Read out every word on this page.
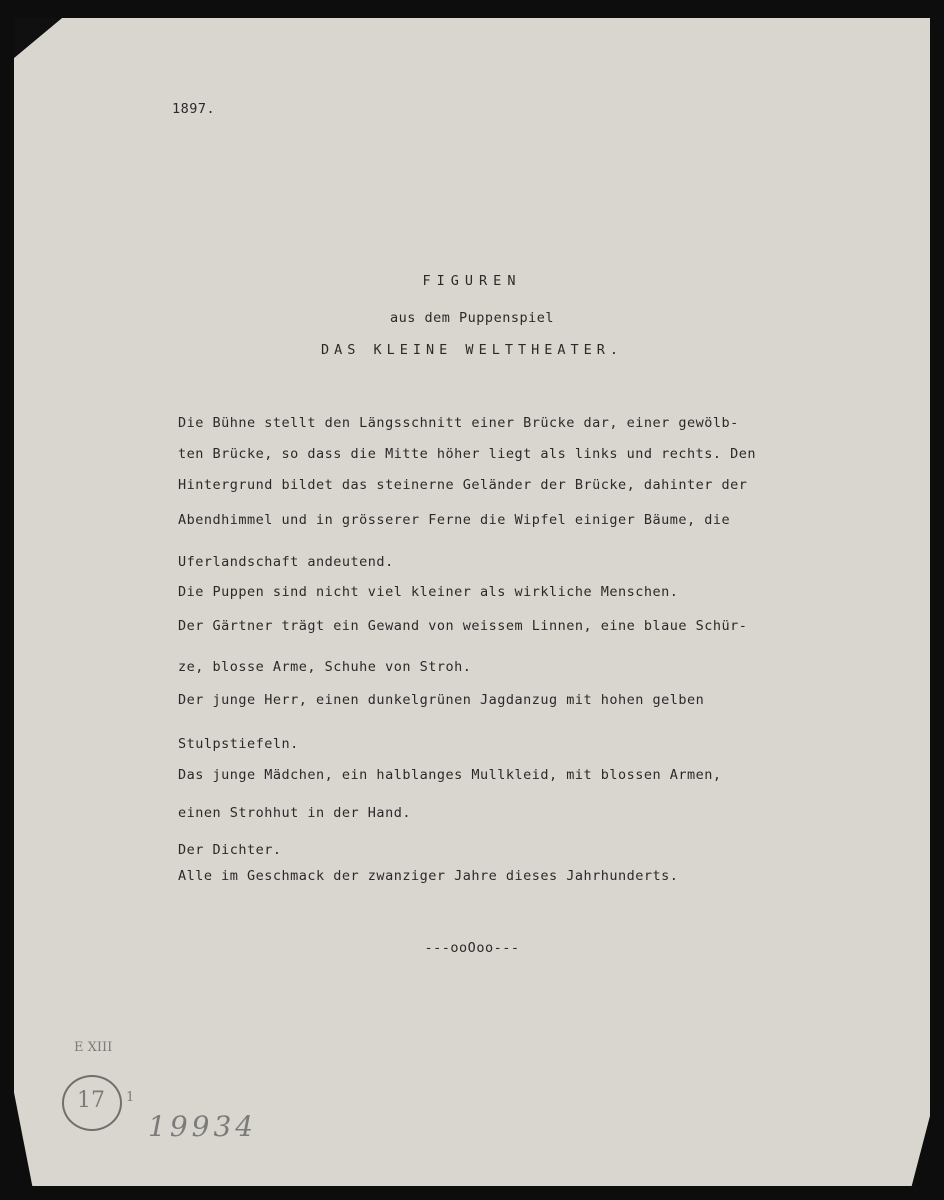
1897.
FIGUREN
aus dem Puppenspiel
DAS KLEINE WELTTHEATER.
Die Bühne stellt den Längsschnitt einer Brücke dar, einer gewölb-
ten Brücke, so dass die Mitte höher liegt als links und rechts. Den
Hintergrund bildet das steinerne Geländer der Brücke, dahinter der
Abendhimmel und in grösserer Ferne die Wipfel einiger Bäume, die
Uferlandschaft andeutend.
Die Puppen sind nicht viel kleiner als wirkliche Menschen.
Der Gärtner trägt ein Gewand von weissem Linnen, eine blaue Schür-
ze, blosse Arme, Schuhe von Stroh.
Der junge Herr, einen dunkelgrünen Jagdanzug mit hohen gelben
Stulpstiefeln.
Das junge Mädchen, ein halblanges Mullkleid, mit blossen Armen,
einen Strohhut in der Hand.
Der Dichter.
Alle im Geschmack der zwanziger Jahre dieses Jahrhunderts.
---ooOoo---
E XIII
17 1
19934
